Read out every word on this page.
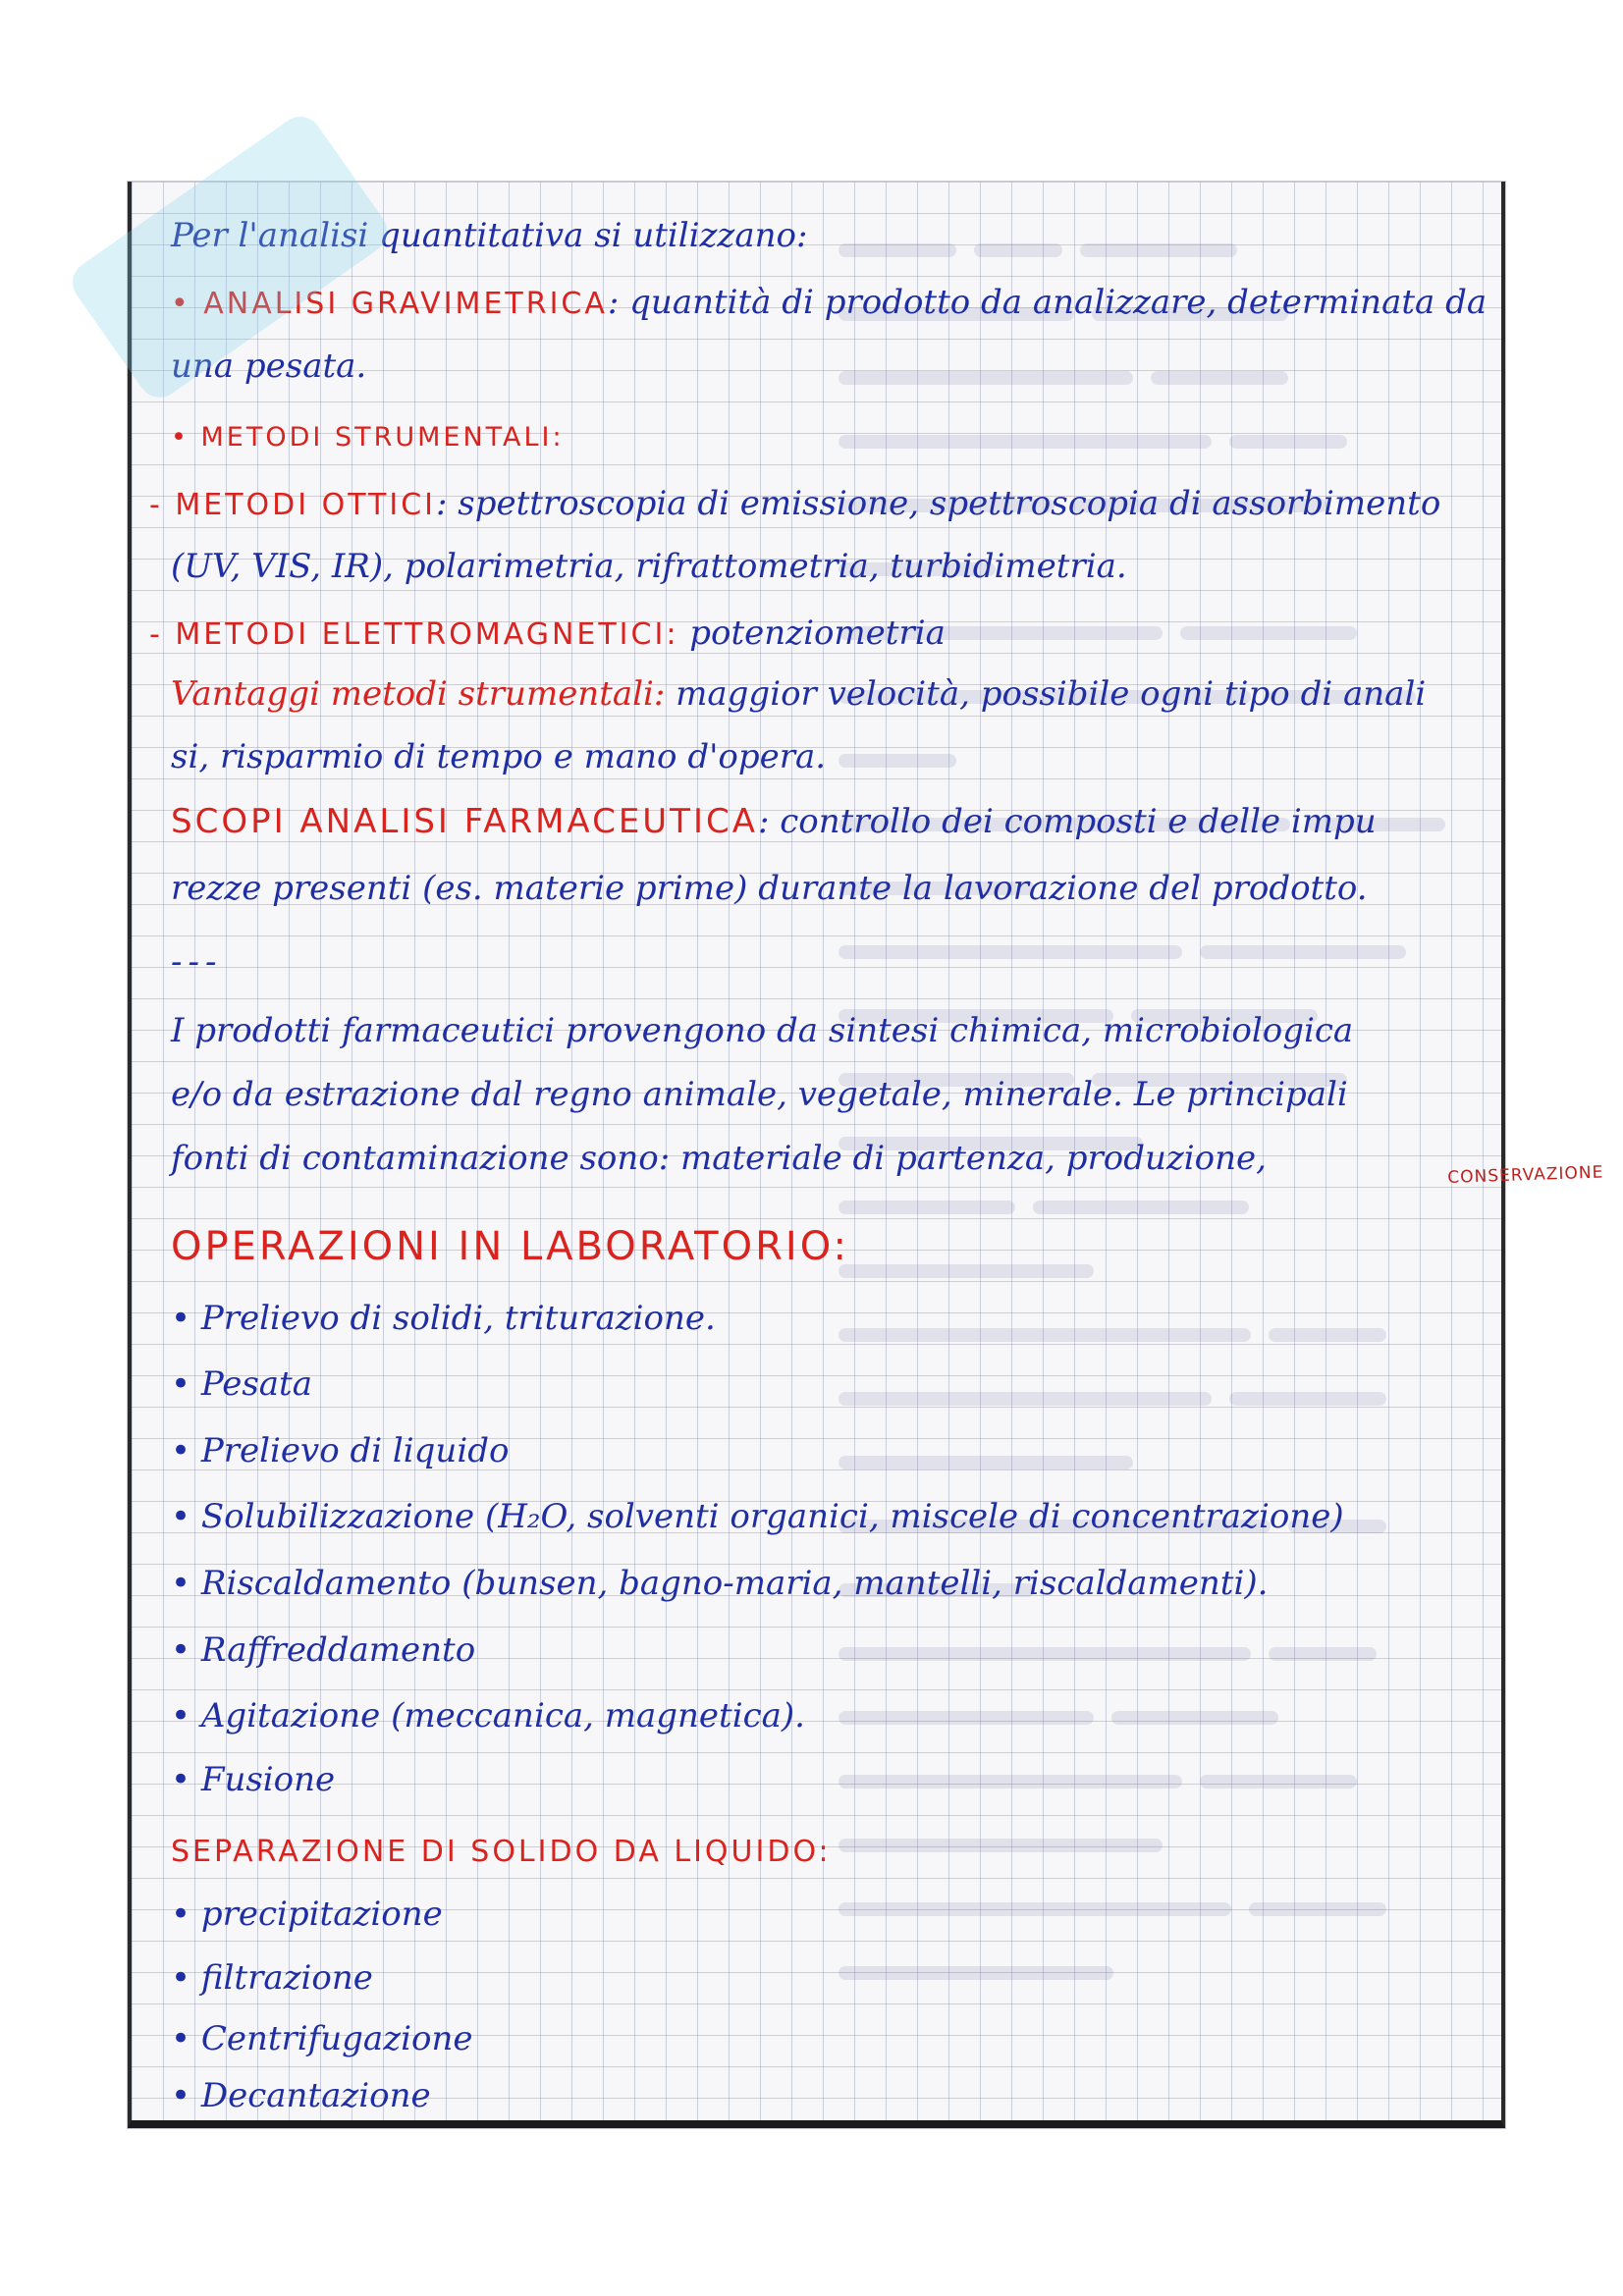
Per l'analisi quantitativa si utilizzano:
• ANALISI GRAVIMETRICA: quantità di prodotto da analizzare, determinata da
una pesata.
• METODI STRUMENTALI:
- METODI OTTICI: spettroscopia di emissione, spettroscopia di assorbimento
(UV, VIS, IR), polarimetria, rifrattometria, turbidimetria.
- METODI ELETTROMAGNETICI: potenziometria
Vantaggi metodi strumentali: maggior velocità, possibile ogni tipo di anali
si, risparmio di tempo e mano d'opera.
SCOPI ANALISI FARMACEUTICA: controllo dei composti e delle impu
rezze presenti (es. materie prime) durante la lavorazione del prodotto.
---
I prodotti farmaceutici provengono da sintesi chimica, microbiologica
e/o da estrazione dal regno animale, vegetale, minerale. Le principali
fonti di contaminazione sono: materiale di partenza, produzione,	CONSERVAZIONE
OPERAZIONI IN LABORATORIO:
• Prelievo di solidi, triturazione.
• Pesata
• Prelievo di liquido
• Solubilizzazione (H₂O, solventi organici, miscele di concentrazione)
• Riscaldamento (bunsen, bagno-maria, mantelli, riscaldamenti).
• Raffreddamento
• Agitazione (meccanica, magnetica).
• Fusione
SEPARAZIONE DI SOLIDO DA LIQUIDO:
• precipitazione
• filtrazione
• Centrifugazione
• Decantazione
